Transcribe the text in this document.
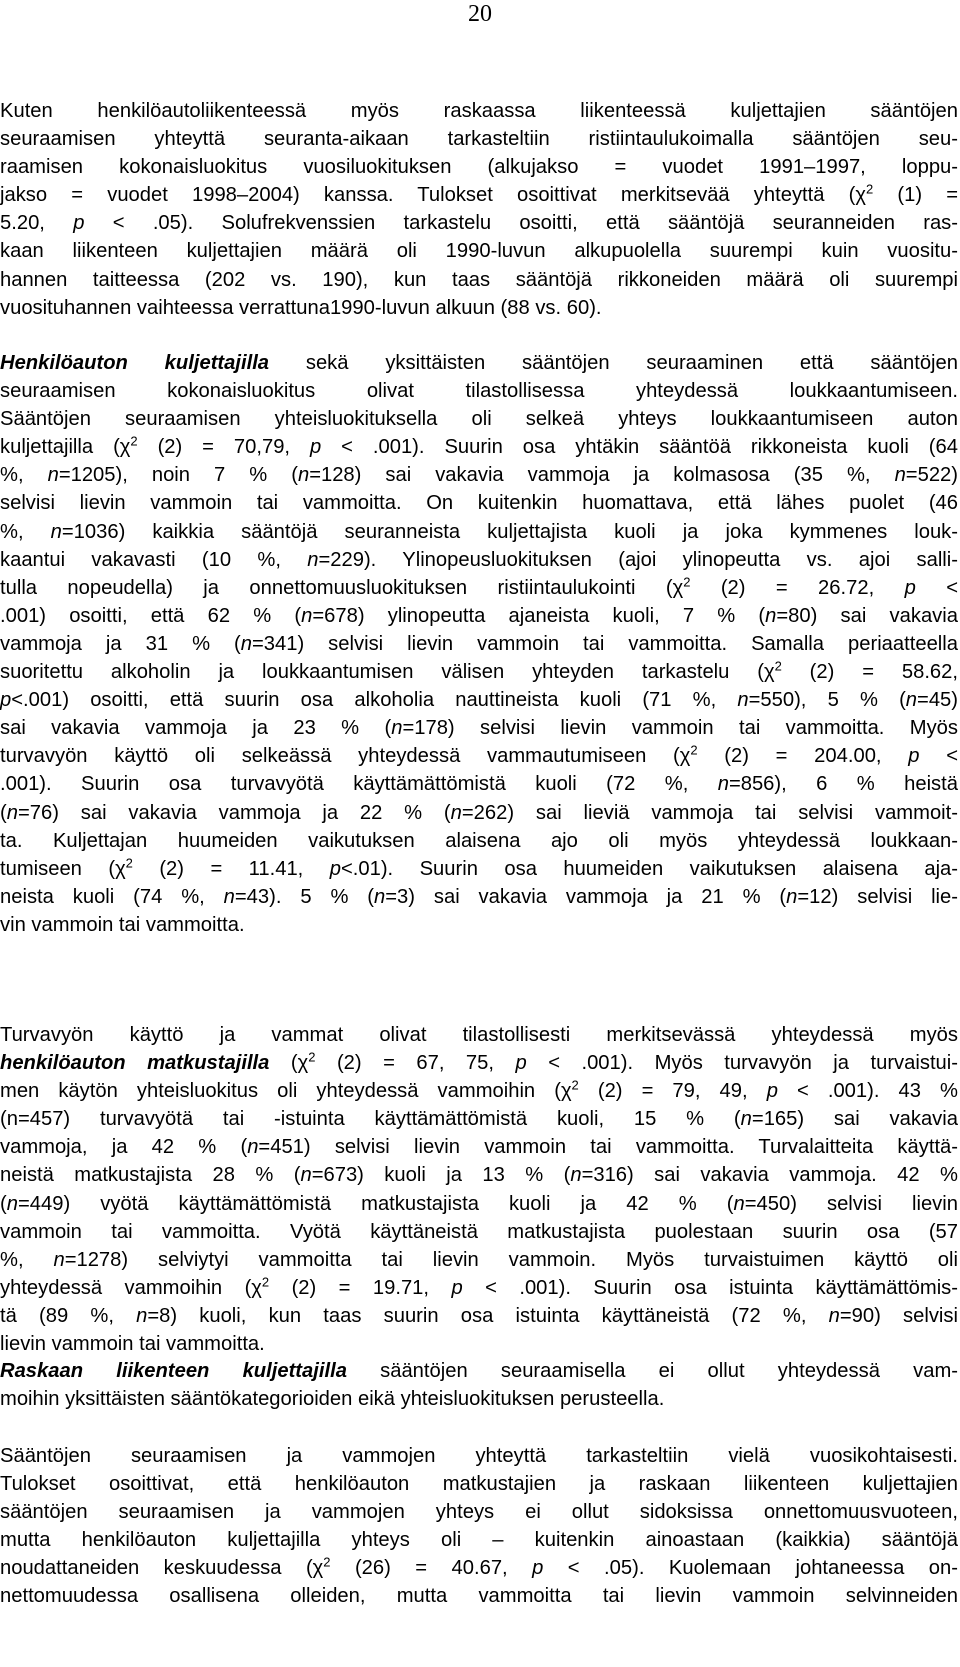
20
Kuten henkilöautoliikenteessä myös raskaassa liikenteessä kuljettajien sääntöjen
seuraamisen yhteyttä seuranta-aikaan tarkasteltiin ristiintaulukoimalla sääntöjen seu-
raamisen kokonaisluokitus vuosiluokituksen (alkujakso = vuodet 1991–1997, loppu-
jakso = vuodet 1998–2004) kanssa. Tulokset osoittivat merkitsevää yhteyttä ($\chi^2$ (1) =
5.20, p < .05). Solufrekvenssien tarkastelu osoitti, että sääntöjä seuranneiden ras-
kaan liikenteen kuljettajien määrä oli 1990-luvun alkupuolella suurempi kuin vuositu-
hannen taitteessa (202 vs. 190), kun taas sääntöjä rikkoneiden määrä oli suurempi
vuosituhannen vaihteessa verrattuna1990-luvun alkuun (88 vs. 60).
Henkilöauton kuljettajilla sekä yksittäisten sääntöjen seuraaminen että sääntöjen
seuraamisen kokonaisluokitus olivat tilastollisessa yhteydessä loukkaantumiseen.
Sääntöjen seuraamisen yhteisluokituksella oli selkeä yhteys loukkaantumiseen auton
kuljettajilla ($\chi^2$ (2) = 70,79, p < .001). Suurin osa yhtäkin sääntöä rikkoneista kuoli (64
%, n=1205), noin 7 % (n=128) sai vakavia vammoja ja kolmasosa (35 %, n=522)
selvisi lievin vammoin tai vammoitta. On kuitenkin huomattava, että lähes puolet (46
%, n=1036) kaikkia sääntöjä seuranneista kuljettajista kuoli ja joka kymmenes louk-
kaantui vakavasti (10 %, n=229). Ylinopeusluokituksen (ajoi ylinopeutta vs. ajoi salli-
tulla nopeudella) ja onnettomuusluokituksen ristiintaulukointi ($\chi^2$ (2) = 26.72, p <
.001) osoitti, että 62 % (n=678) ylinopeutta ajaneista kuoli, 7 % (n=80) sai vakavia
vammoja ja 31 % (n=341) selvisi lievin vammoin tai vammoitta. Samalla periaatteella
suoritettu alkoholin ja loukkaantumisen välisen yhteyden tarkastelu ($\chi^2$ (2) = 58.62,
p<.001) osoitti, että suurin osa alkoholia nauttineista kuoli (71 %, n=550), 5 % (n=45)
sai vakavia vammoja ja 23 % (n=178) selvisi lievin vammoin tai vammoitta. Myös
turvavyön käyttö oli selkeässä yhteydessä vammautumiseen ($\chi^2$ (2) = 204.00, p <
.001). Suurin osa turvavyötä käyttämättömistä kuoli (72 %, n=856), 6 % heistä
(n=76) sai vakavia vammoja ja 22 % (n=262) sai lieviä vammoja tai selvisi vammoit-
ta. Kuljettajan huumeiden vaikutuksen alaisena ajo oli myös yhteydessä loukkaan-
tumiseen ($\chi^2$ (2) = 11.41, p<.01). Suurin osa huumeiden vaikutuksen alaisena aja-
neista kuoli (74 %, n=43). 5 % (n=3) sai vakavia vammoja ja 21 % (n=12) selvisi lie-
vin vammoin tai vammoitta.
Turvavyön käyttö ja vammat olivat tilastollisesti merkitsevässä yhteydessä myös
henkilöauton matkustajilla ($\chi^2$ (2) = 67, 75, p < .001). Myös turvavyön ja turvaistui-
men käytön yhteisluokitus oli yhteydessä vammoihin ($\chi^2$ (2) = 79, 49, p < .001). 43 %
(n=457) turvavyötä tai -istuinta käyttämättömistä kuoli, 15 % (n=165) sai vakavia
vammoja, ja 42 % (n=451) selvisi lievin vammoin tai vammoitta. Turvalaitteita käyttä-
neistä matkustajista 28 % (n=673) kuoli ja 13 % (n=316) sai vakavia vammoja. 42 %
(n=449) vyötä käyttämättömistä matkustajista kuoli ja 42 % (n=450) selvisi lievin
vammoin tai vammoitta. Vyötä käyttäneistä matkustajista puolestaan suurin osa (57
%, n=1278) selviytyi vammoitta tai lievin vammoin. Myös turvaistuimen käyttö oli
yhteydessä vammoihin ($\chi^2$ (2) = 19.71, p < .001). Suurin osa istuinta käyttämättömis-
tä (89 %, n=8) kuoli, kun taas suurin osa istuinta käyttäneistä (72 %, n=90) selvisi
lievin vammoin tai vammoitta.
Raskaan liikenteen kuljettajilla sääntöjen seuraamisella ei ollut yhteydessä vam-
moihin yksittäisten sääntökategorioiden eikä yhteisluokituksen perusteella.
Sääntöjen seuraamisen ja vammojen yhteyttä tarkasteltiin vielä vuosikohtaisesti.
Tulokset osoittivat, että henkilöauton matkustajien ja raskaan liikenteen kuljettajien
sääntöjen seuraamisen ja vammojen yhteys ei ollut sidoksissa onnettomuusvuoteen,
mutta henkilöauton kuljettajilla yhteys oli – kuitenkin ainoastaan (kaikkia) sääntöjä
noudattaneiden keskuudessa ($\chi^2$ (26) = 40.67, p < .05). Kuolemaan johtaneessa on-
nettomuudessa osallisena olleiden, mutta vammoitta tai lievin vammoin selvinneiden
